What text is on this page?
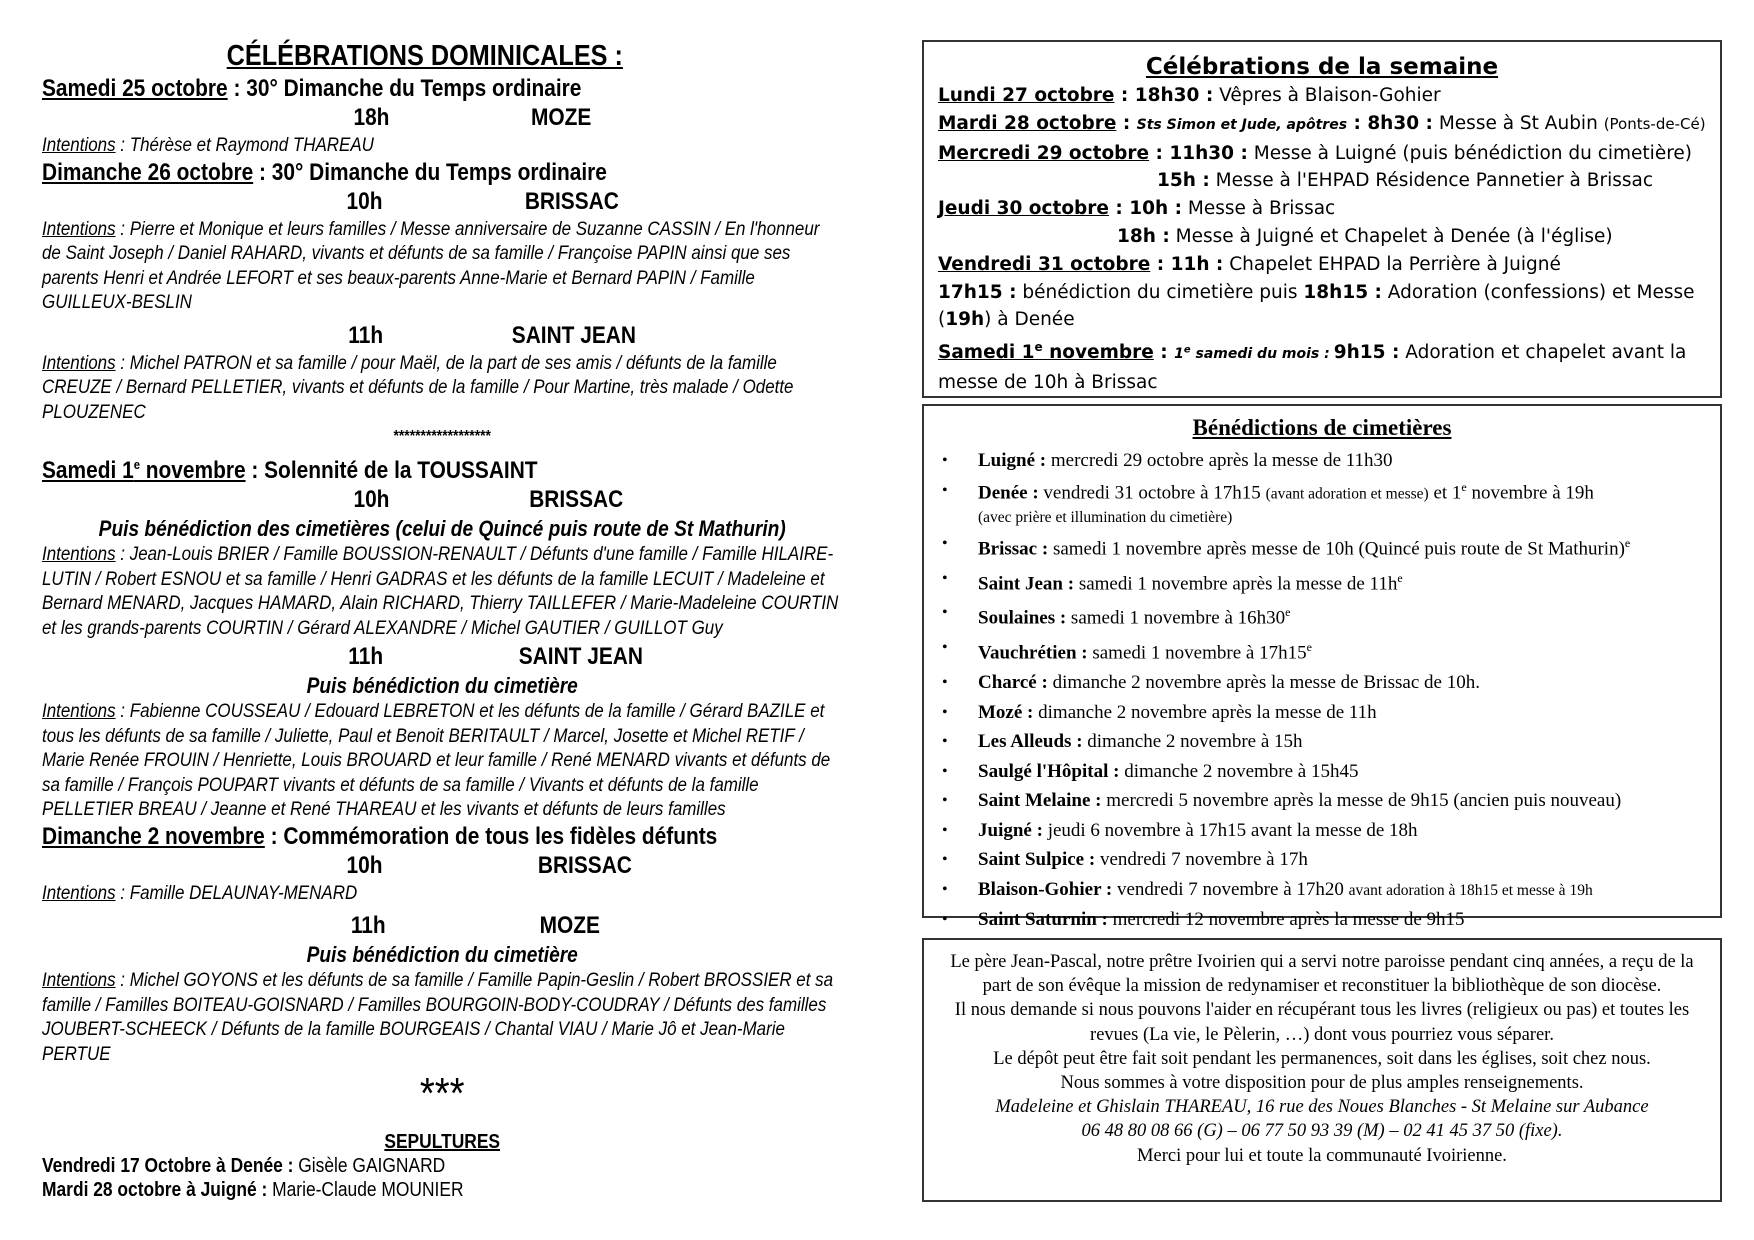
CÉLÉBRATIONS DOMINICALES :
Samedi 25 octobre : 30° Dimanche du Temps ordinaire
18h	MOZE
Intentions : Thérèse et Raymond THAREAU
Dimanche 26 octobre : 30° Dimanche du Temps ordinaire
10h	BRISSAC
Intentions : Pierre et Monique et leurs familles / Messe anniversaire de Suzanne CASSIN / En l'honneur de Saint Joseph / Daniel RAHARD, vivants et défunts de sa famille / Françoise PAPIN ainsi que ses parents Henri et Andrée LEFORT et ses beaux-parents Anne-Marie et Bernard PAPIN / Famille GUILLEUX-BESLIN
11h	SAINT JEAN
Intentions : Michel PATRON et sa famille / pour Maël, de la part de ses amis / défunts de la famille CREUZE / Bernard PELLETIER, vivants et défunts de la famille / Pour Martine, très malade / Odette PLOUZENEC
******************
Samedi 1e novembre : Solennité de la TOUSSAINT
10h	BRISSAC
Puis bénédiction des cimetières (celui de Quincé puis route de St Mathurin)
Intentions : Jean-Louis BRIER / Famille BOUSSION-RENAULT / Défunts d'une famille / Famille HILAIRE-LUTIN / Robert ESNOU et sa famille / Henri GADRAS et les défunts de la famille LECUIT / Madeleine et Bernard MENARD, Jacques HAMARD, Alain RICHARD, Thierry TAILLEFER / Marie-Madeleine COURTIN et les grands-parents COURTIN / Gérard ALEXANDRE / Michel GAUTIER / GUILLOT Guy
11h	SAINT JEAN
Puis bénédiction du cimetière
Intentions : Fabienne COUSSEAU / Edouard LEBRETON et les défunts de la famille / Gérard BAZILE et tous les défunts de sa famille / Juliette, Paul et Benoit BERITAULT / Marcel, Josette et Michel RETIF / Marie Renée FROUIN / Henriette, Louis BROUARD et leur famille / René MENARD vivants et défunts de sa famille / François POUPART vivants et défunts de sa famille / Vivants et défunts de la famille PELLETIER BREAU / Jeanne et René THAREAU et les vivants et défunts de leurs familles
Dimanche 2 novembre : Commémoration de tous les fidèles défunts
10h	BRISSAC
Intentions : Famille DELAUNAY-MENARD
11h	MOZE
Puis bénédiction du cimetière
Intentions : Michel GOYONS et les défunts de sa famille / Famille Papin-Geslin / Robert BROSSIER et sa famille / Familles BOITEAU-GOISNARD / Familles BOURGOIN-BODY-COUDRAY / Défunts des familles JOUBERT-SCHEECK / Défunts de la famille BOURGEAIS / Chantal VIAU / Marie Jô et Jean-Marie PERTUE
***
SEPULTURES
Vendredi 17 Octobre à Denée : Gisèle GAIGNARD
Mardi 28 octobre à Juigné : Marie-Claude MOUNIER
Célébrations de la semaine
Lundi 27 octobre : 18h30 : Vêpres à Blaison-Gohier
Mardi 28 octobre : Sts Simon et Jude, apôtres : 8h30 : Messe à St Aubin (Ponts-de-Cé)
Mercredi 29 octobre : 11h30 : Messe à Luigné (puis bénédiction du cimetière)
15h : Messe à l'EHPAD Résidence Pannetier à Brissac
Jeudi 30 octobre : 10h : Messe à Brissac
18h : Messe à Juigné et Chapelet à Denée (à l'église)
Vendredi 31 octobre : 11h : Chapelet EHPAD la Perrière à Juigné
17h15 : bénédiction du cimetière puis 18h15 : Adoration (confessions) et Messe
(19h) à Denée
Samedi 1e novembre : 1e samedi du mois : 9h15 : Adoration et chapelet avant la
messe de 10h à Brissac
Bénédictions de cimetières
•	Luigné : mercredi 29 octobre après la messe de 11h30
•	Denée : vendredi 31 octobre à 17h15 (avant adoration et messe) et 1e novembre à 19h
(avec prière et illumination du cimetière)
•	Brissac : samedi 1 novembre après messe de 10h (Quincé puis route de St Mathurin)$^e$
•	Saint Jean : samedi 1 novembre après la messe de $11h^e$
•	Soulaines : samedi 1 novembre à 16h30e
•	Vauchrétien : samedi 1 novembre à 17h15e
•	Charcé : dimanche 2 novembre après la messe de Brissac de 10h.
•	Mozé : dimanche 2 novembre après la messe de 11h
•	Les Alleuds : dimanche 2 novembre à 15h
•	Saulgé l'Hôpital : dimanche 2 novembre à 15h45
•	Saint Melaine : mercredi 5 novembre après la messe de 9h15 (ancien puis nouveau)
•	Juigné : jeudi 6 novembre à 17h15 avant la messe de 18h
•	Saint Sulpice : vendredi 7 novembre à 17h
•	Blaison-Gohier : vendredi 7 novembre à 17h20 avant adoration à 18h15 et messe à 19h
•	Saint Saturnin : mercredi 12 novembre après la messe de 9h15
Le père Jean-Pascal, notre prêtre Ivoirien qui a servi notre paroisse pendant cinq années, a reçu de la part de son évêque la mission de redynamiser et reconstituer la bibliothèque de son diocèse.
Il nous demande si nous pouvons l'aider en récupérant tous les livres (religieux ou pas) et toutes les revues (La vie, le Pèlerin, …) dont vous pourriez vous séparer.
Le dépôt peut être fait soit pendant les permanences, soit dans les églises, soit chez nous.
Nous sommes à votre disposition pour de plus amples renseignements.
Madeleine et Ghislain THAREAU, 16 rue des Noues Blanches - St Melaine sur Aubance
06 48 80 08 66 (G) – 06 77 50 93 39 (M) – 02 41 45 37 50 (fixe).
Merci pour lui et toute la communauté Ivoirienne.
